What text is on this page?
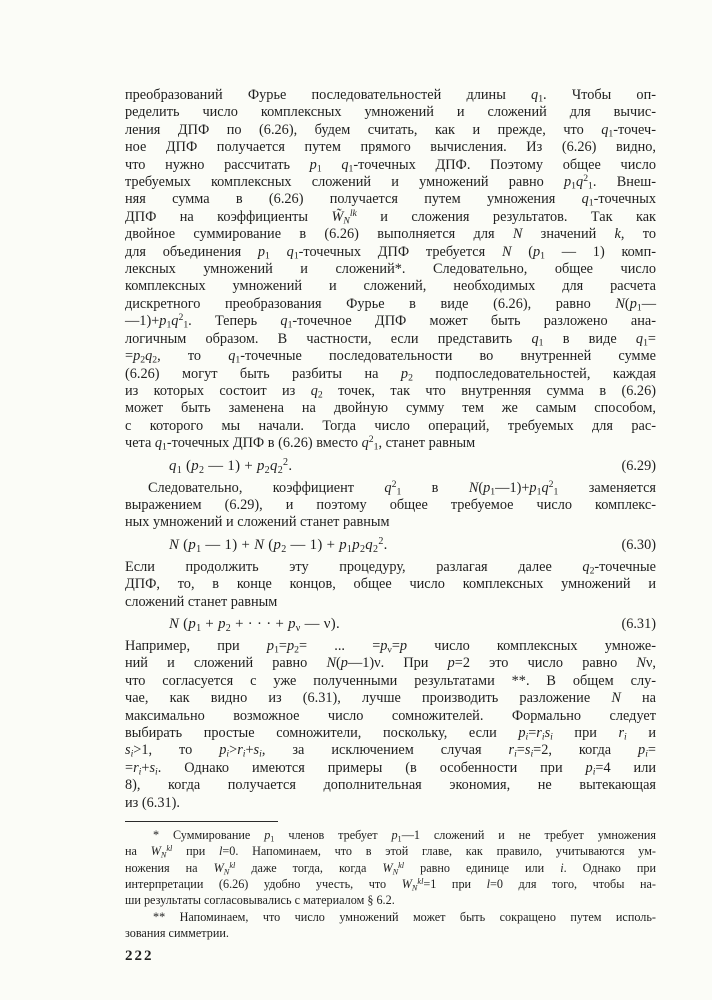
преобразований Фурье последовательностей длины $q_1$. Чтобы оп-
ределить число комплексных умножений и сложений для вычис-
ления ДПФ по (6.26), будем считать, как и прежде, что $q_1-точеч-$
ное ДПФ получается путем прямого вычисления. Из (6.26) видно,
что нужно рассчитать $p_1$ $q_1$-точечных ДПФ. Поэтому общее число
требуемых комплексных сложений и умножений равно $p_1q^2_1$. Внеш-
няя сумма в (6.26) получается путем умножения $q_1$-точечных
ДПФ на коэффициенты $W̃_N^{lk}$ и сложения результатов. Так как
двойное суммирование в (6.26) выполняется для N значений k, то
для объединения $p_1$ $q_1$-точечных ДПФ требуется N ($p_1$ — 1) комп-
лексных умножений и сложений*. Следовательно, общее число
комплексных умножений и сложений, необходимых для расчета
дискретного преобразования Фурье в виде (6.26), равно $N(p_1—$
$—1)+p_1q^2_1$. Теперь $q_1$-точечное ДПФ может быть разложено ана-
логичным образом. В частности, если представить $q_1$ в виде $q_1=$
$=p_2q_2$, то $q_1$-точечные последовательности во внутренней сумме
(6.26) могут быть разбиты на $p_2$ подпоследовательностей, каждая
из которых состоит из $q_2$ точек, так что внутренняя сумма в (6.26)
может быть заменена на двойную сумму тем же самым способом,
с которого мы начали. Тогда число операций, требуемых для рас-
чета $q_1$-точечных ДПФ в (6.26) вместо $q^2_1$, станет равным
$q_1$ ($p_2$ — $1) + p_2q_2^2$.	(6.29)
Следовательно, коэффициент $q^2_1$ в $N(p_1—1)+p_1q^2_1$ заменяется
выражением (6.29), и поэтому общее требуемое число комплекс-
ных умножений и сложений станет равным
N ($p_1$ — 1) + N ($p_2$ — $1) + p_1p_2q_2^2$.	(6.30)
Если продолжить эту процедуру, разлагая далее $q_2$-точечные
ДПФ, то, в конце концов, общее число комплексных умножений и
сложений станет равным
N ($p_1 + p_2$ + · · · + $p_\nu$ — ν).	(6.31)
Например, при $p_1=p_2=$ ... $=p_\nu=p$ число комплексных умноже-
ний и сложений равно N(p—1)ν. При p=2 это число равно Nν,
что согласуется с уже полученными результатами **. В общем слу-
чае, как видно из (6.31), лучше производить разложение N на
максимально возможное число сомножителей. Формально следует
выбирать простые сомножители, поскольку, если $p_i=r_is_i$ при $r_i$ и
$s_i>1$, то $p_i>r_i+s_i$, за исключением случая $r_i=s_i=2$, когда $p_i=$
$=r_i+s_i$. Однако имеются примеры (в особенности при $p_i=4$ или
8), когда получается дополнительная экономия, не вытекающая
из (6.31).
* Суммирование $p_1$ членов требует $p_1—1$ сложений и не требует умножения
на $W_N^{kl}$ при l=0. Напоминаем, что в этой главе, как правило, учитываются ум-
ножения на $W_N^{kl}$ даже тогда, когда $W_N^{kl}$ равно единице или i. Однако при
интерпретации (6.26) удобно учесть, что $W_N^{kl}=1$ при l=0 для того, чтобы на-
ши результаты согласовывались с материалом § 6.2.
** Напоминаем, что число умножений может быть сокращено путем исполь-
зования симметрии.
222
